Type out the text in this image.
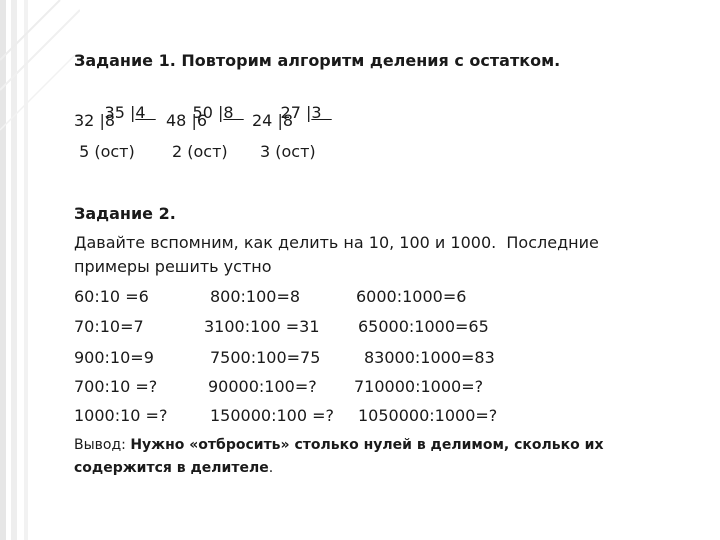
Задание 1. Повторим алгоритм деления с остатком.

35 |4

32 |8
5 (ост)

50 |8

48 |6
2 (ост)

27 |3

24 |8
3 (ост)
Задание 2.
Давайте вспомним, как делить на 10, 100 и 1000.  Последние
примеры решить устно
60:10 =6	800:100=8	6000:1000=6
70:10=7	3100:100 =31 65000:1000=65
900:10=9	7500:100=75	83000:1000=83
700:10 =?	90000:100=? 710000:1000=?
1000:10 =?	150000:100 =? 1050000:1000=?
Вывод: Нужно «отбросить» столько нулей в делимом, сколько их
содержится в делителе.
